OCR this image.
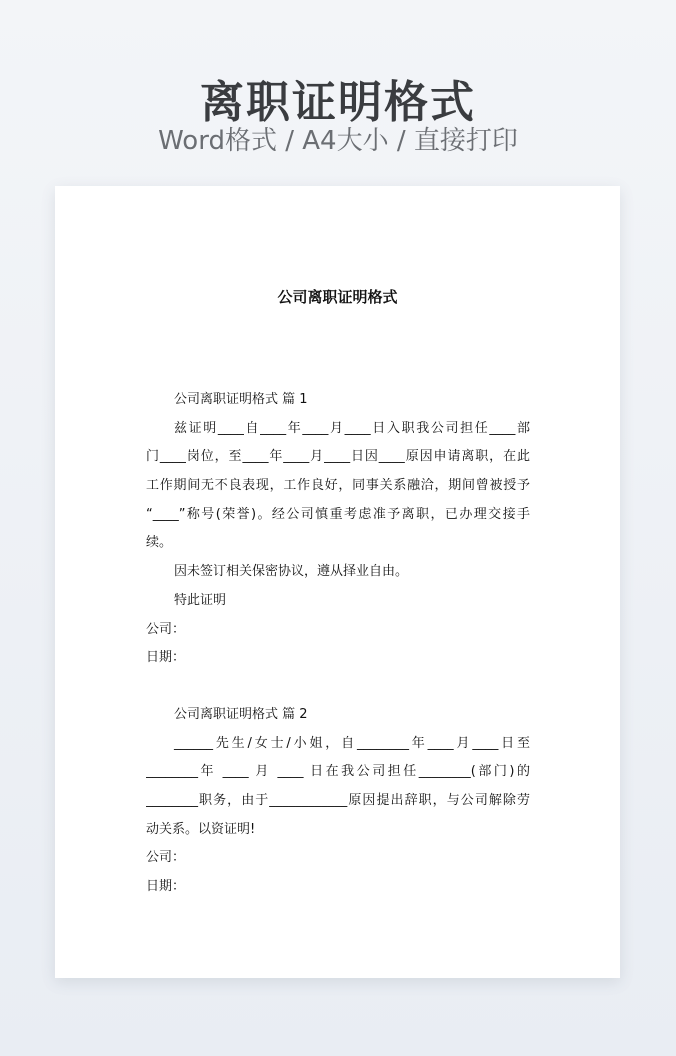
离职证明格式
Word格式 / A4大小 / 直接打印
公司离职证明格式
公司离职证明格式 篇 1
兹证明____自____年____月____日入职我公司担任____部
门____岗位，至____年____月____日因____原因申请离职，在此
工作期间无不良表现，工作良好，同事关系融洽，期间曾被授予
“____”称号(荣誉)。经公司慎重考虑准予离职，已办理交接手
续。
因未签订相关保密协议，遵从择业自由。
特此证明
公司：
日期：
公司离职证明格式 篇 2
______先生/女士/小姐，自________年____月____日至
________年 ____ 月 ____ 日在我公司担任________(部门)的
________职务，由于____________原因提出辞职，与公司解除劳
动关系。以资证明!
公司：
日期：
